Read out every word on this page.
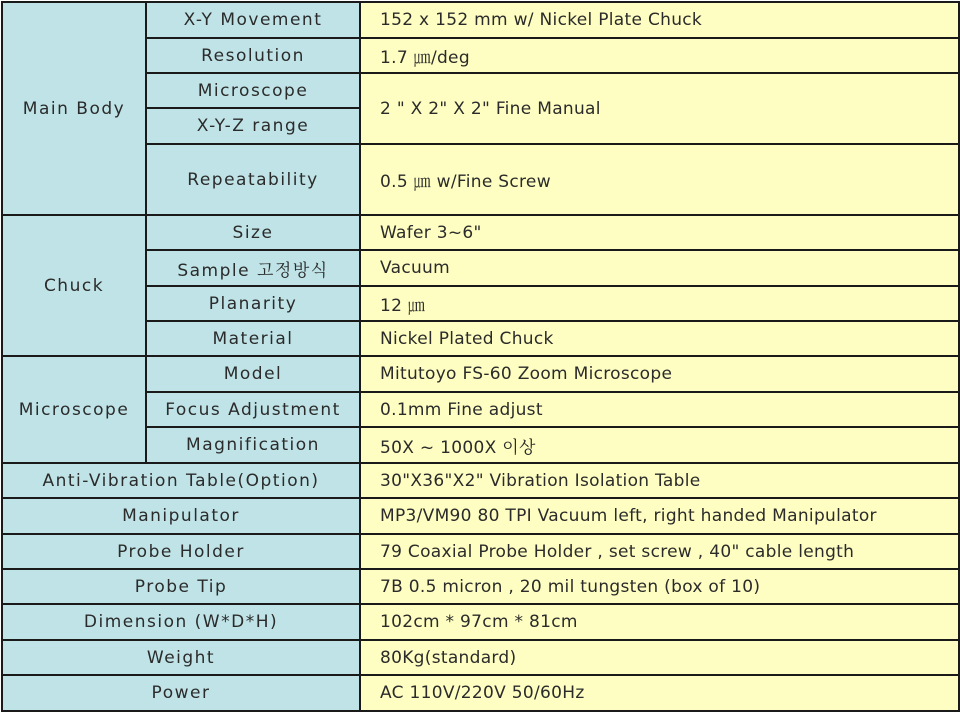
Main Body	X-Y Movement	152 x 152 mm w/ Nickel Plate Chuck
	Resolution	1.7 ㎛/deg
	Microscope	2 " X 2" X 2" Fine Manual
	X-Y-Z range	
	Repeatability	0.5 ㎛ w/Fine Screw
Chuck	Size	Wafer 3~6"
	Sample 고정방식	Vacuum
	Planarity	12 ㎛
	Material	Nickel Plated Chuck
Microscope	Model	Mitutoyo FS-60 Zoom Microscope
	Focus Adjustment	0.1mm Fine adjust
	Magnification	50X ~ 1000X 이상
Anti-Vibration Table(Option)		30"X36"X2" Vibration Isolation Table
Manipulator		MP3/VM90 80 TPI Vacuum left, right handed Manipulator
Probe Holder		79 Coaxial Probe Holder , set screw , 40" cable length
Probe Tip		7B 0.5 micron , 20 mil tungsten (box of 10)
Dimension (W*D*H)		102cm * 97cm * 81cm
Weight		80Kg(standard)
Power		AC 110V/220V 50/60Hz
